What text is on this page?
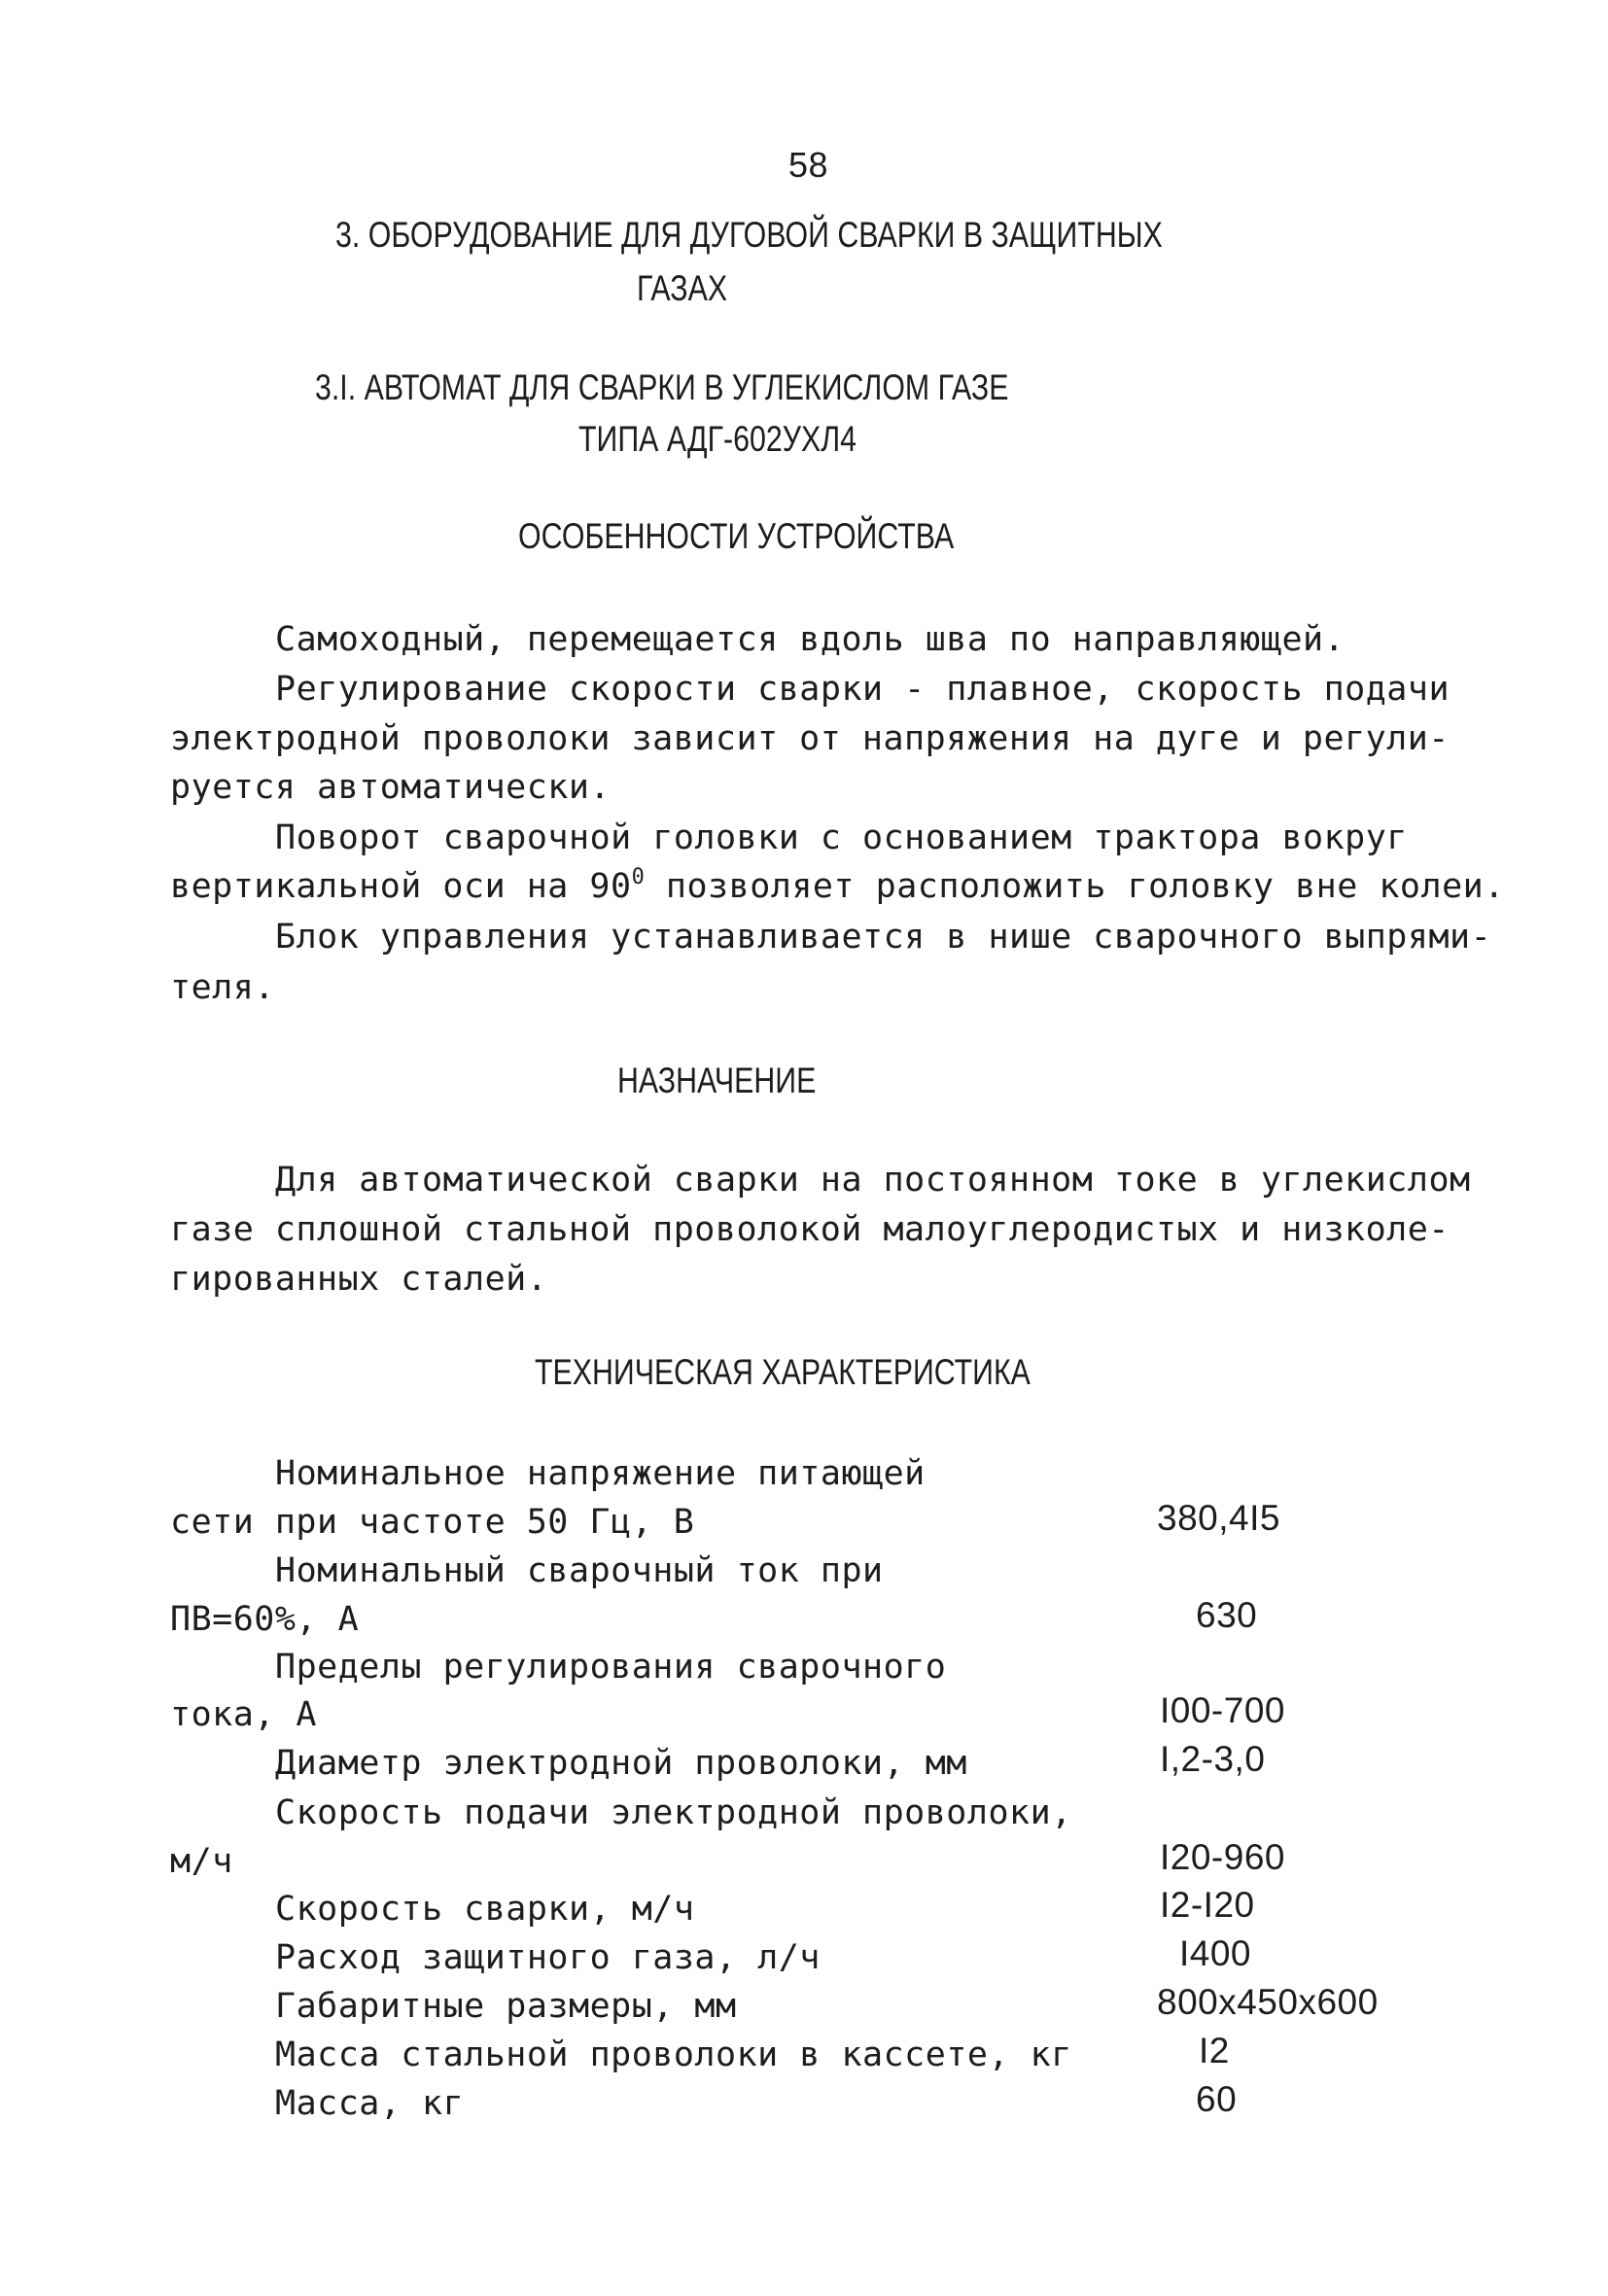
58
3. ОБОРУДОВАНИЕ ДЛЯ ДУГОВОЙ СВАРКИ В ЗАЩИТНЫХ
ГАЗАХ
3.I. АВТОМАТ ДЛЯ СВАРКИ В УГЛЕКИСЛОМ ГАЗЕ
ТИПА АДГ-602УХЛ4
ОСОБЕННОСТИ УСТРОЙСТВА
Самоходный, перемещается вдоль шва по направляющей.
Регулирование скорости сварки - плавное, скорость подачи
электродной проволоки зависит от напряжения на дуге и регули-
руется автоматически.
Поворот сварочной головки с основанием трактора вокруг
вертикальной оси на $90^0$ позволяет расположить головку вне колеи.
Блок управления устанавливается в нише сварочного выпрями-
теля.
НАЗНАЧЕНИЕ
Для автоматической сварки на постоянном токе в углекислом
газе сплошной стальной проволокой малоуглеродистых и низколе-
гированных сталей.
ТЕХНИЧЕСКАЯ ХАРАКТЕРИСТИКА
Номинальное напряжение питающей
сети при частоте 50 Гц, В	380,4I5
Номинальный сварочный ток при
ПВ=60%, А	630
Пределы регулирования сварочного
тока, А	I00-700
Диаметр электродной проволоки, мм	I,2-3,0
Скорость подачи электродной проволоки,
м/ч	I20-960
Скорость сварки, м/ч	I2-I20
Расход защитного газа, л/ч	I400
Габаритные размеры, мм	800x450x600
Масса стальной проволоки в кассете, кг	I2
Масса, кг	60
